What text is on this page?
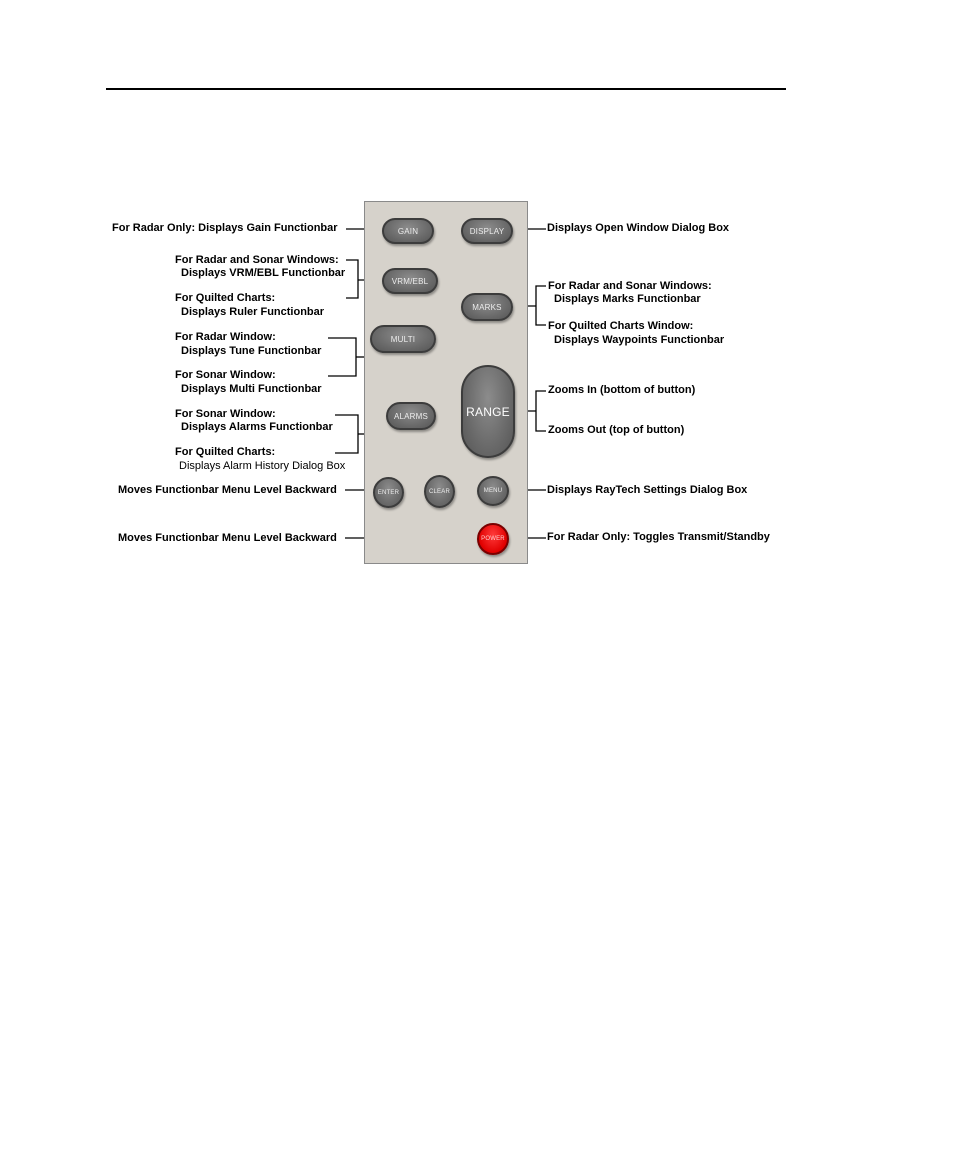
GAIN	DISPLAY
VRM/EBL
MARKS
MULTI
RANGE
ALARMS
ENTER	CLEAR	MENU
POWER
For Radar Only: Displays Gain Functionbar
For Radar and Sonar Windows:
Displays VRM/EBL Functionbar
For Quilted Charts:
Displays Ruler Functionbar
For Radar Window:
Displays Tune Functionbar
For Sonar Window:
Displays Multi Functionbar
For Sonar Window:
Displays Alarms Functionbar
For Quilted Charts:
Displays Alarm History Dialog Box
Moves Functionbar Menu Level Backward
Moves Functionbar Menu Level Backward
Displays Open Window Dialog Box
For Radar and Sonar Windows:
Displays Marks Functionbar
For Quilted Charts Window:
Displays Waypoints Functionbar
Zooms In (bottom of button)
Zooms Out (top of button)
Displays RayTech Settings Dialog Box
For Radar Only: Toggles Transmit/Standby
